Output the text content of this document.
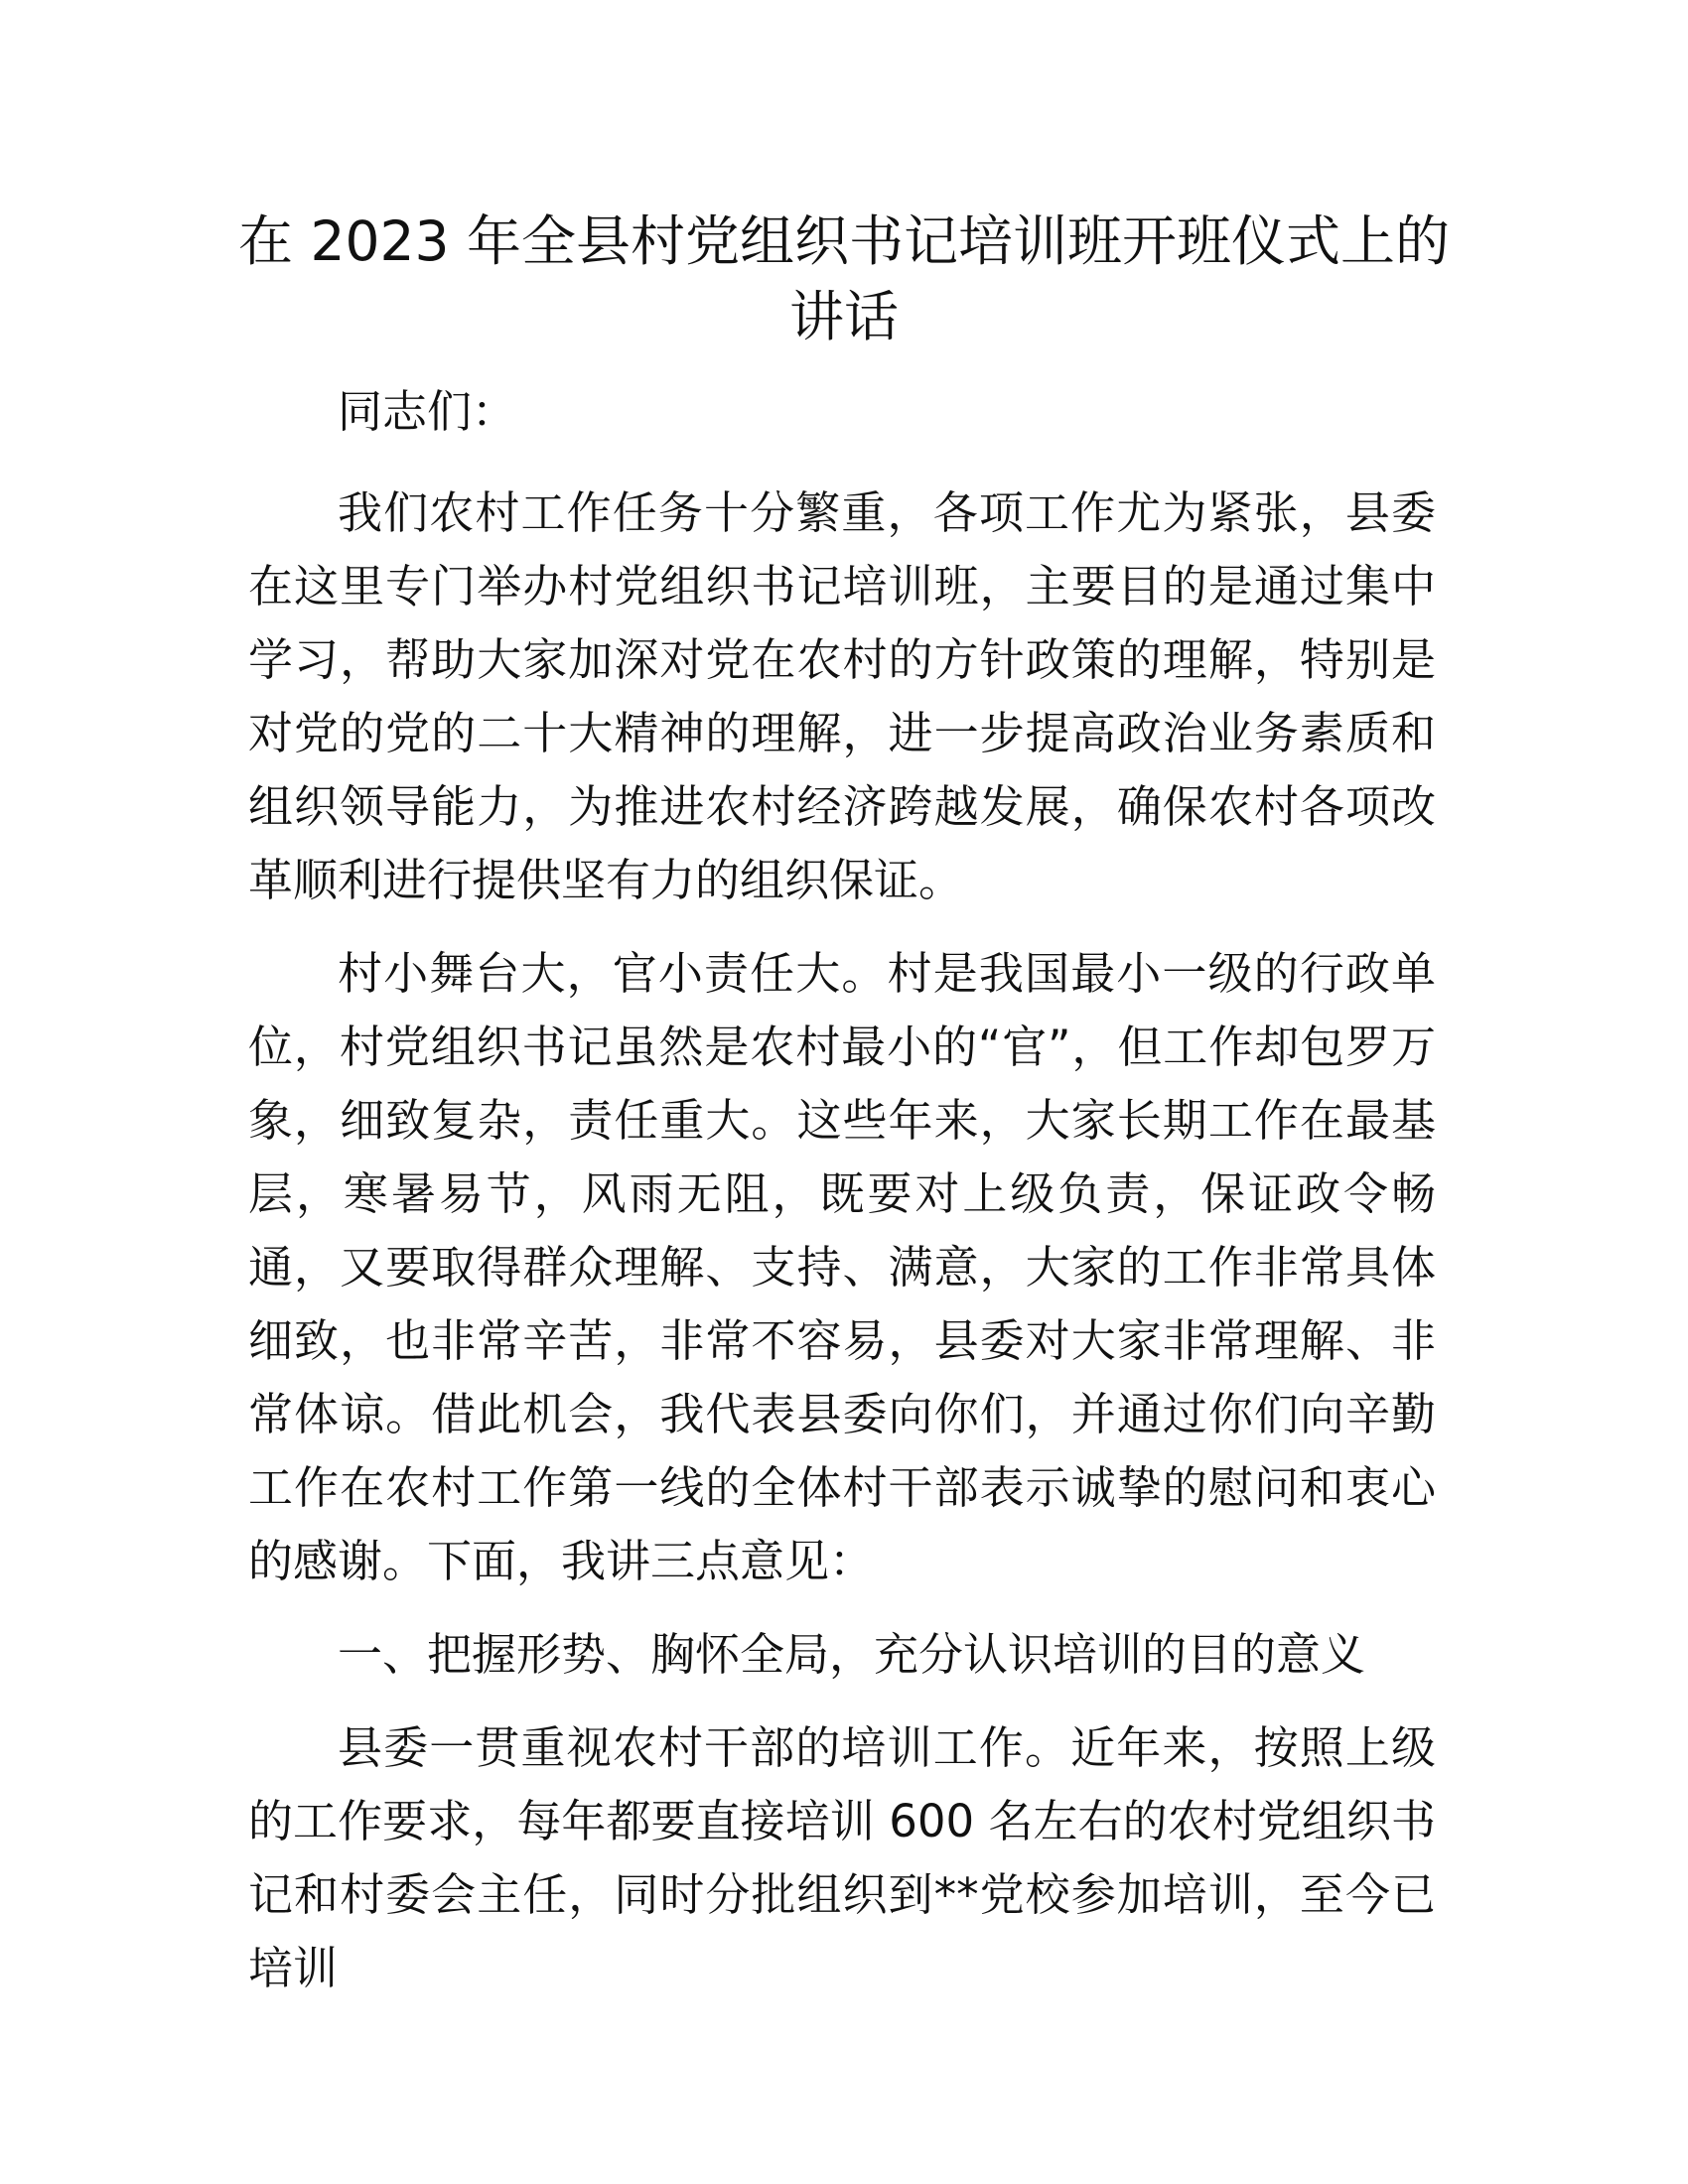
在 2023 年全县村党组织书记培训班开班仪式上的讲话

同志们：

我们农村工作任务十分繁重，各项工作尤为紧张，县委在这里专门举办村党组织书记培训班，主要目的是通过集中学习，帮助大家加深对党在农村的方针政策的理解，特别是对党的党的二十大精神的理解，进一步提高政治业务素质和组织领导能力，为推进农村经济跨越发展，确保农村各项改革顺利进行提供坚有力的组织保证。

村小舞台大，官小责任大。村是我国最小一级的行政单位，村党组织书记虽然是农村最小的“官”，但工作却包罗万象，细致复杂，责任重大。这些年来，大家长期工作在最基层，寒暑易节，风雨无阻，既要对上级负责，保证政令畅通，又要取得群众理解、支持、满意，大家的工作非常具体细致，也非常辛苦，非常不容易，县委对大家非常理解、非常体谅。借此机会，我代表县委向你们，并通过你们向辛勤工作在农村工作第一线的全体村干部表示诚挚的慰问和衷心的感谢。下面，我讲三点意见：

一、把握形势、胸怀全局，充分认识培训的目的意义

县委一贯重视农村干部的培训工作。近年来，按照上级的工作要求，每年都要直接培训 600 名左右的农村党组织书记和村委会主任，同时分批组织到**党校参加培训，至今已培训
